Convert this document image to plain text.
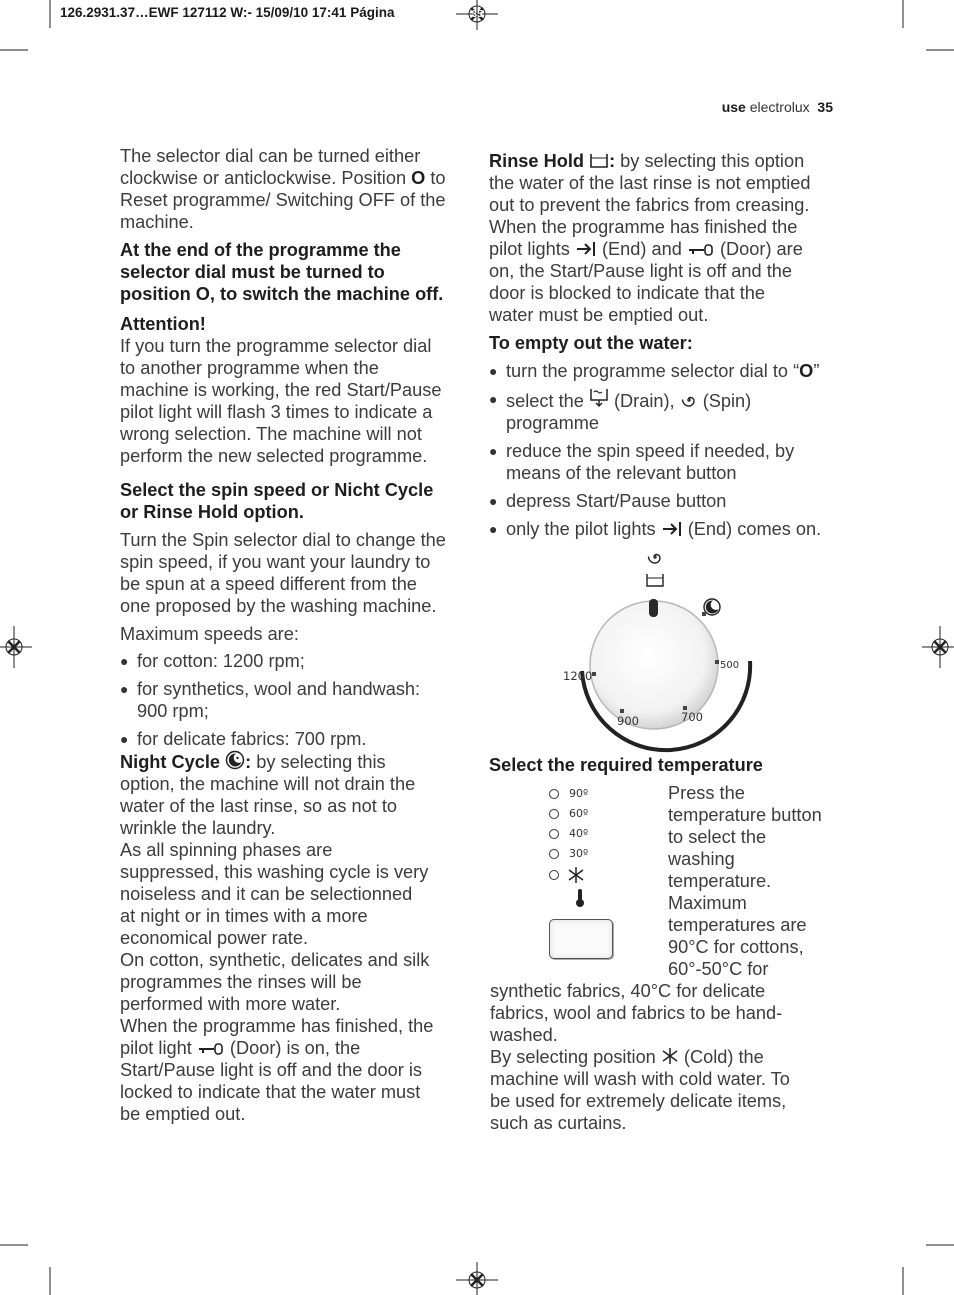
126.2931.37…EWF 127112 W:- 15/09/10 17:41 Página	35
use electrolux 35

The selector dial can be turned either
clockwise or anticlockwise. Position O to
Reset programme/ Switching OFF of the
machine.

At the end of the programme the
selector dial must be turned to
position O, to switch the machine off.

Attention!

If you turn the programme selector dial
to another programme when the
machine is working, the red Start/Pause
pilot light will flash 3 times to indicate a
wrong selection. The machine will not
perform the new selected programme.

Select the spin speed or Nicht Cycle
or Rinse Hold option.

Turn the Spin selector dial to change the
spin speed, if you want your laundry to
be spun at a speed different from the
one proposed by the washing machine.

Maximum speeds are:

● for cotton: 1200 rpm;
● for synthetics, wool and handwash:
900 rpm;
● for delicate fabrics: 700 rpm.

Night Cycle : by selecting this
option, the machine will not drain the
water of the last rinse, so as not to
wrinkle the laundry.
As all spinning phases are
suppressed, this washing cycle is very
noiseless and it can be selectionned
at night or in times with a more
economical power rate.
On cotton, synthetic, delicates and silk
programmes the rinses will be
performed with more water.
When the programme has finished, the
pilot light  (Door) is on, the
Start/Pause light is off and the door is
locked to indicate that the water must
be emptied out.

Rinse Hold : by selecting this option
the water of the last rinse is not emptied
out to prevent the fabrics from creasing.
When the programme has finished the
pilot lights  (End) and  (Door) are
on, the Start/Pause light is off and the
door is blocked to indicate that the
water must be emptied out.

To empty out the water:

● turn the programme selector dial to “O”
● select the  (Drain),  (Spin)
programme
● reduce the spin speed if needed, by
means of the relevant button
● depress Start/Pause button
● only the pilot lights  (End) comes on.
1200
900	700
500

Select the required temperature

90º
60º
40º
30º
Press the
temperature button
to select the
washing
temperature.
Maximum
temperatures are
90°C for cottons,
60°-50°C for

synthetic fabrics, 40°C for delicate
fabrics, wool and fabrics to be hand-
washed.
By selecting position  (Cold) the
machine will wash with cold water. To
be used for extremely delicate items,
such as curtains.
